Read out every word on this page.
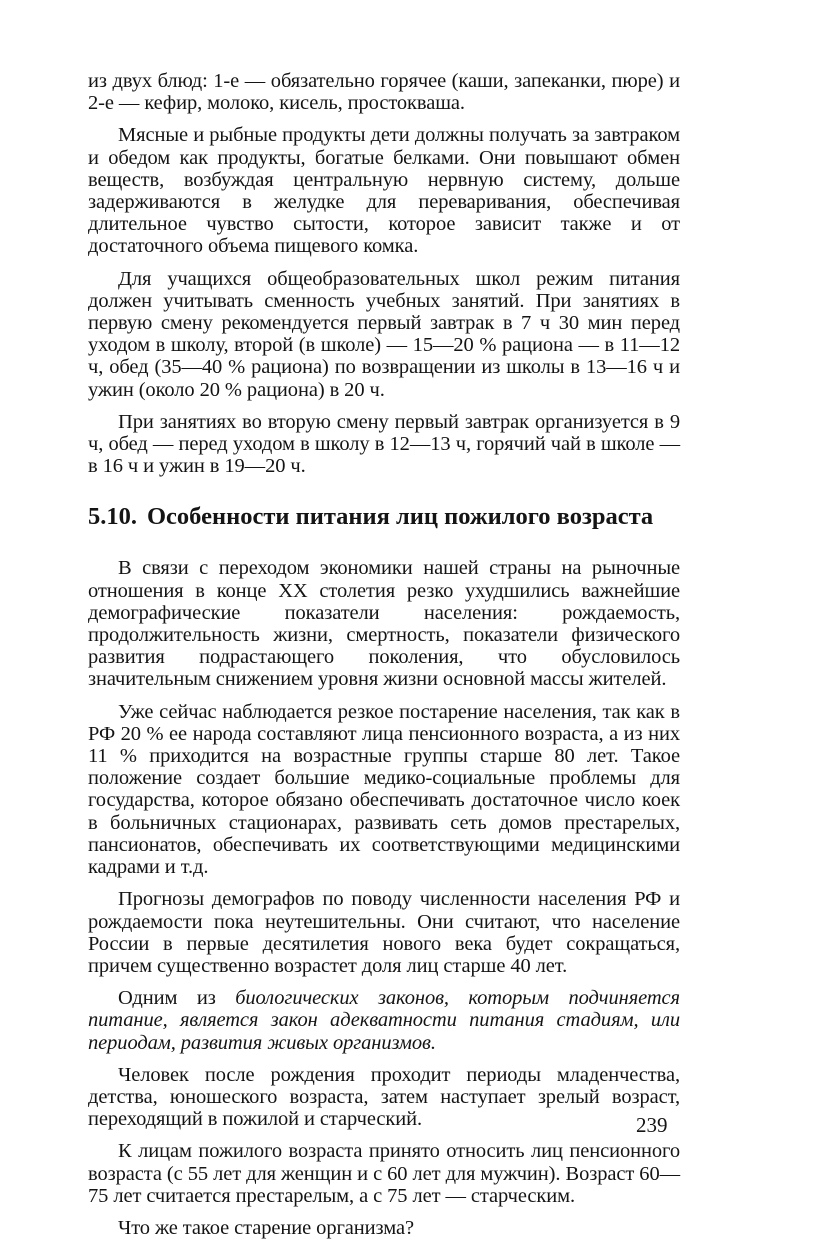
из двух блюд: 1-е — обязательно горячее (каши, запеканки, пюре) и 2-е — кефир, молоко, кисель, простокваша.

Мясные и рыбные продукты дети должны получать за завтраком и обедом как продукты, богатые белками. Они повышают обмен веществ, возбуждая центральную нервную систему, дольше задерживаются в желудке для переваривания, обеспечивая длительное чувство сытости, которое зависит также и от достаточного объема пищевого комка.

Для учащихся общеобразовательных школ режим питания должен учитывать сменность учебных занятий. При занятиях в первую смену рекомендуется первый завтрак в 7 ч 30 мин перед уходом в школу, второй (в школе) — 15—20 % рациона — в 11—12 ч, обед (35—40 % рациона) по возвращении из школы в 13—16 ч и ужин (около 20 % рациона) в 20 ч.

При занятиях во вторую смену первый завтрак организуется в 9 ч, обед — перед уходом в школу в 12—13 ч, горячий чай в школе — в 16 ч и ужин в 19—20 ч.

5.10. Особенности питания лиц пожилого возраста

В связи с переходом экономики нашей страны на рыночные отношения в конце XX столетия резко ухудшились важнейшие демографические показатели населения: рождаемость, продолжительность жизни, смертность, показатели физического развития подрастающего поколения, что обусловилось значительным снижением уровня жизни основной массы жителей.

Уже сейчас наблюдается резкое постарение населения, так как в РФ 20 % ее народа составляют лица пенсионного возраста, а из них 11 % приходится на возрастные группы старше 80 лет. Такое положение создает большие медико-социальные проблемы для государства, которое обязано обеспечивать достаточное число коек в больничных стационарах, развивать сеть домов престарелых, пансионатов, обеспечивать их соответствующими медицинскими кадрами и т.д.

Прогнозы демографов по поводу численности населения РФ и рождаемости пока неутешительны. Они считают, что население России в первые десятилетия нового века будет сокращаться, причем существенно возрастет доля лиц старше 40 лет.

Одним из биологических законов, которым подчиняется питание, является закон адекватности питания стадиям, или периодам, развития живых организмов.

Человек после рождения проходит периоды младенчества, детства, юношеского возраста, затем наступает зрелый возраст, переходящий в пожилой и старческий.

К лицам пожилого возраста принято относить лиц пенсионного возраста (с 55 лет для женщин и с 60 лет для мужчин). Возраст 60—75 лет считается престарелым, а с 75 лет — старческим.

Что же такое старение организма?

239
